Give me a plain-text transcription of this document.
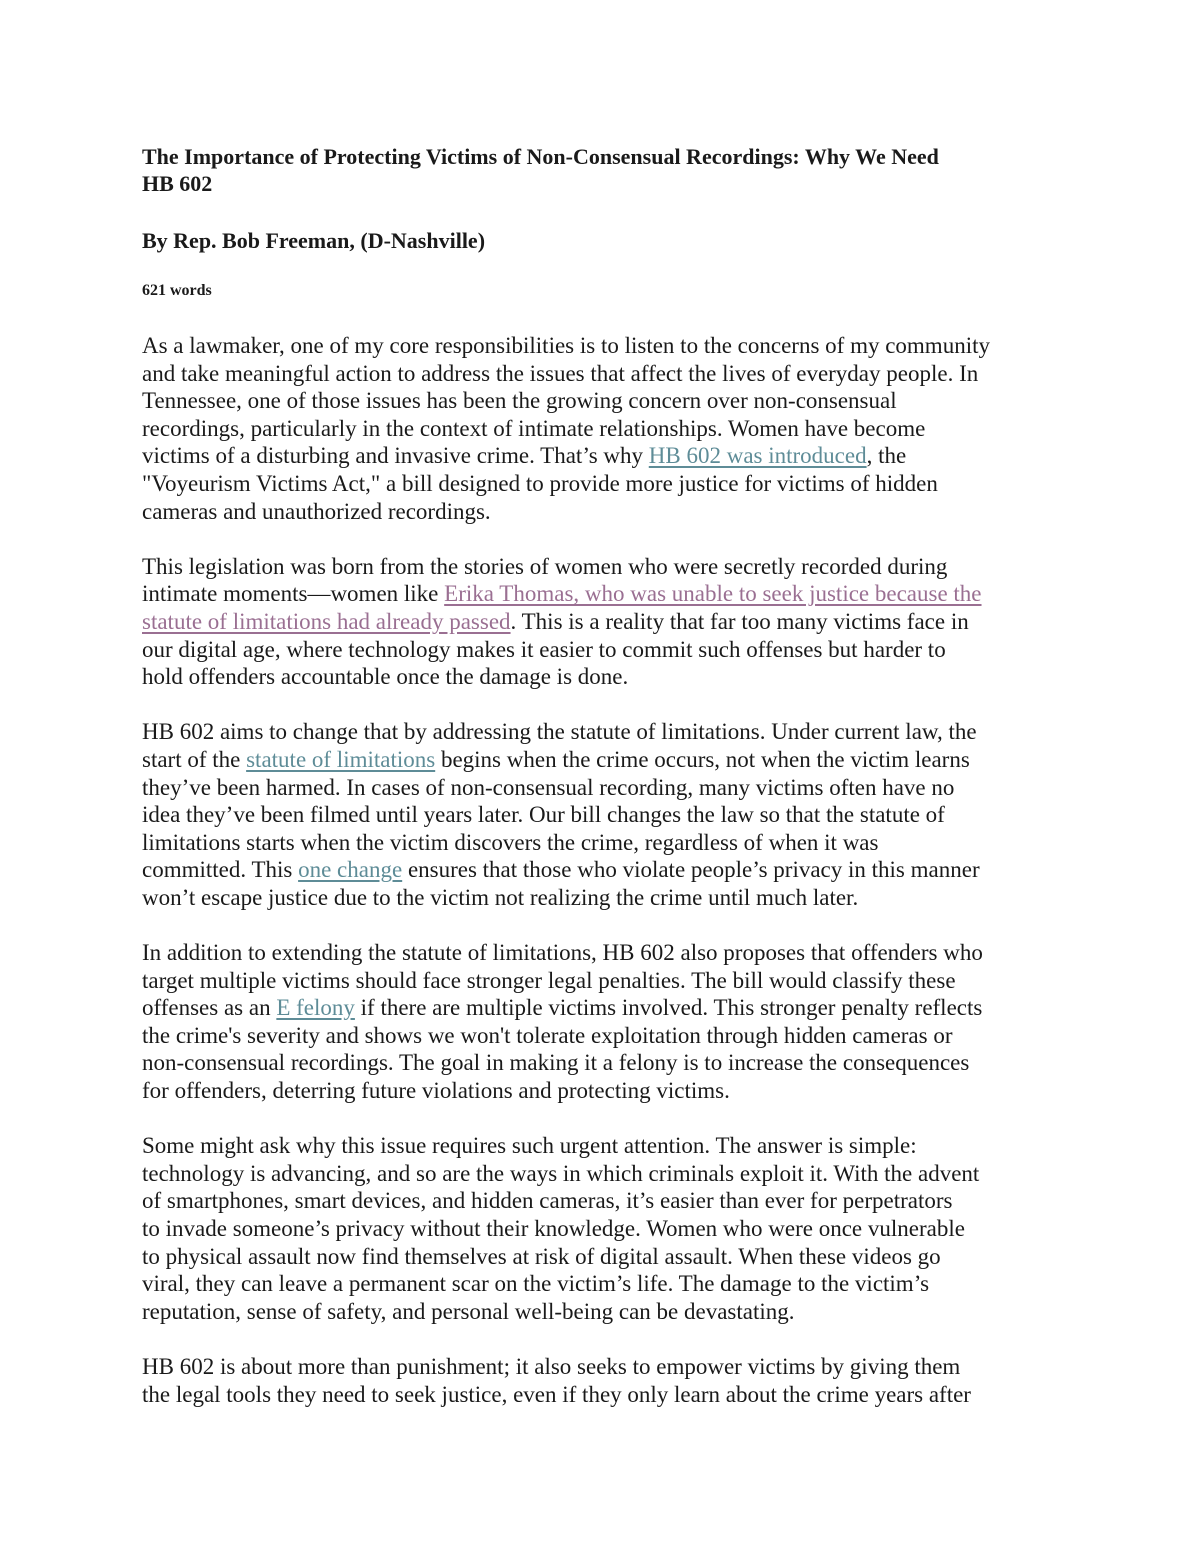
The Importance of Protecting Victims of Non-Consensual Recordings: Why We Need
HB 602
By Rep. Bob Freeman, (D-Nashville)
621 words
As a lawmaker, one of my core responsibilities is to listen to the concerns of my community
and take meaningful action to address the issues that affect the lives of everyday people. In
Tennessee, one of those issues has been the growing concern over non-consensual
recordings, particularly in the context of intimate relationships. Women have become
victims of a disturbing and invasive crime. That’s why HB 602 was introduced, the
"Voyeurism Victims Act," a bill designed to provide more justice for victims of hidden
cameras and unauthorized recordings.
This legislation was born from the stories of women who were secretly recorded during
intimate moments—women like Erika Thomas, who was unable to seek justice because the
statute of limitations had already passed. This is a reality that far too many victims face in
our digital age, where technology makes it easier to commit such offenses but harder to
hold offenders accountable once the damage is done.
HB 602 aims to change that by addressing the statute of limitations. Under current law, the
start of the statute of limitations begins when the crime occurs, not when the victim learns
they’ve been harmed. In cases of non-consensual recording, many victims often have no
idea they’ve been filmed until years later. Our bill changes the law so that the statute of
limitations starts when the victim discovers the crime, regardless of when it was
committed. This one change ensures that those who violate people’s privacy in this manner
won’t escape justice due to the victim not realizing the crime until much later.
In addition to extending the statute of limitations, HB 602 also proposes that offenders who
target multiple victims should face stronger legal penalties. The bill would classify these
offenses as an E felony if there are multiple victims involved. This stronger penalty reflects
the crime's severity and shows we won't tolerate exploitation through hidden cameras or
non-consensual recordings. The goal in making it a felony is to increase the consequences
for offenders, deterring future violations and protecting victims.
Some might ask why this issue requires such urgent attention. The answer is simple:
technology is advancing, and so are the ways in which criminals exploit it. With the advent
of smartphones, smart devices, and hidden cameras, it’s easier than ever for perpetrators
to invade someone’s privacy without their knowledge. Women who were once vulnerable
to physical assault now find themselves at risk of digital assault. When these videos go
viral, they can leave a permanent scar on the victim’s life. The damage to the victim’s
reputation, sense of safety, and personal well-being can be devastating.
HB 602 is about more than punishment; it also seeks to empower victims by giving them
the legal tools they need to seek justice, even if they only learn about the crime years after
